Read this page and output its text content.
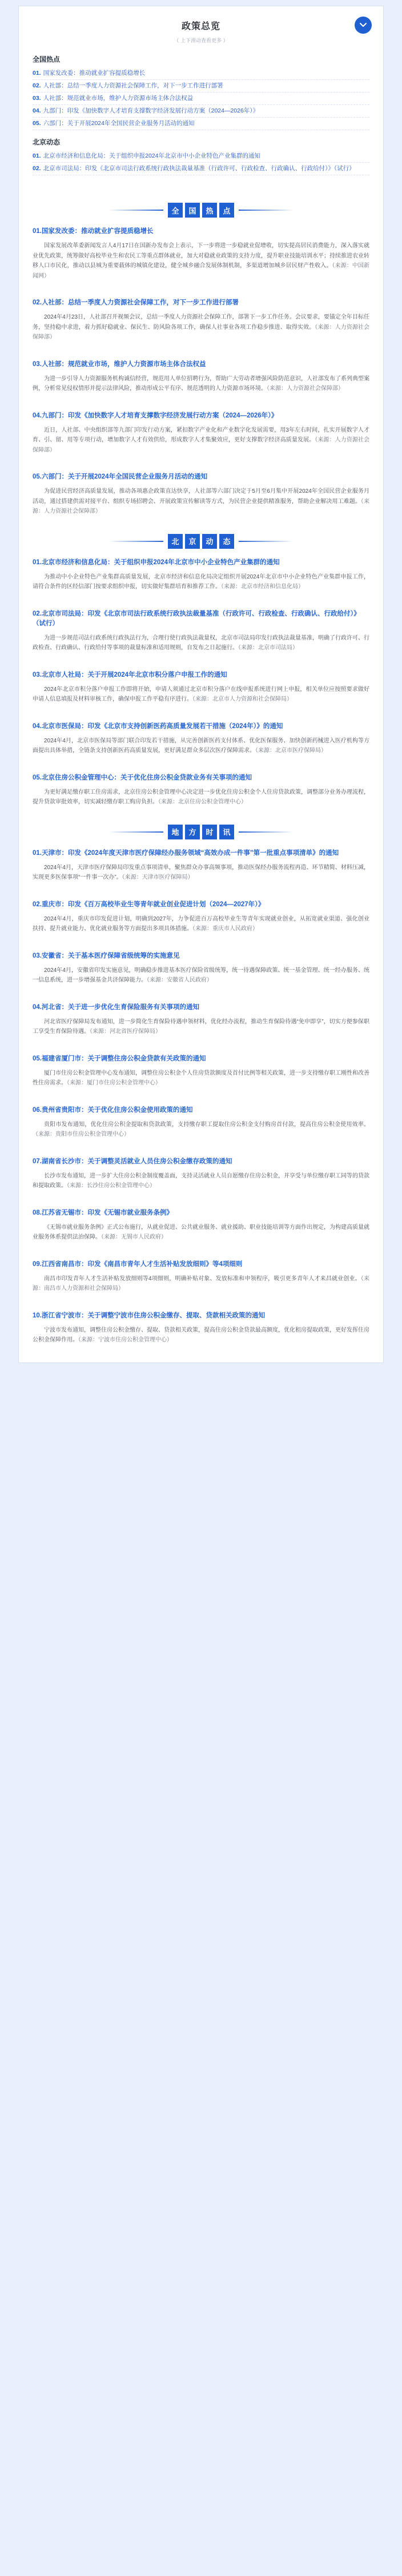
政策总览
（ 上下滑动查看更多 ）
全国热点
01. 国家发改委：推动就业扩容提质稳增长
02. 人社部：总结一季度人力资源社会保障工作，对下一步工作进行部署
03. 人社部：规范就业市场，维护人力资源市场主体合法权益
04. 九部门：印发《加快数字人才培育支撑数字经济发展行动方案（2024—2026年）》
05. 六部门：关于开展2024年全国民营企业服务月活动的通知
北京动态
01. 北京市经济和信息化局：关于组织申报2024年北京市中小企业特色产业集群的通知
02. 北京市司法局：印发《北京市司法行政系统行政执法裁量基准（行政许可、行政检查、行政确认、行政给付）》（试行）
全	国	热	点
01.国家发改委：推动就业扩容提质稳增长
国家发展改革委新闻发言人4月17日在国新办发布会上表示，下一步将进一步稳就业促增收，切实提高居民消费能力，深入落实就业优先政策，统筹做好高校毕业生和农民工等重点群体就业，加大对稳就业政策的支持力度，提升职业技能培训水平；持续推进农业转移人口市民化，推动以县城为重要载体的城镇化建设，健全城乡融合发展体制机制，多渠道增加城乡居民财产性收入。（来源：中国新闻网）
02.人社部：总结一季度人力资源社会保障工作，对下一步工作进行部署
2024年4月23日，人社部召开视频会议，总结一季度人力资源社会保障工作，部署下一步工作任务。会议要求，要锚定全年目标任务，坚持稳中求进，着力抓好稳就业、保民生、防风险各项工作，确保人社事业各项工作稳步推进、取得实效。（来源：人力资源社会保障部）
03.人社部：规范就业市场，维护人力资源市场主体合法权益
为进一步引导人力资源服务机构诚信经营，规范用人单位招聘行为，帮助广大劳动者增强风险防范意识，人社部发布了系列典型案例，分析常见侵权情形并提示法律风险，推动形成公平有序、规范透明的人力资源市场环境。（来源：人力资源社会保障部）
04.九部门：印发《加快数字人才培育支撑数字经济发展行动方案（2024—2026年）》
近日，人社部、中央组织部等九部门印发行动方案，紧扣数字产业化和产业数字化发展需要，用3年左右时间，扎实开展数字人才育、引、留、用等专项行动，增加数字人才有效供给，形成数字人才集聚效应，更好支撑数字经济高质量发展。（来源：人力资源社会保障部）
05.六部门：关于开展2024年全国民营企业服务月活动的通知
为促进民营经济高质量发展，推动各项惠企政策直达快享，人社部等六部门决定于5月至6月集中开展2024年全国民营企业服务月活动，通过搭建供需对接平台、组织专场招聘会、开展政策宣传解读等方式，为民营企业提供精准服务，帮助企业解决用工难题。（来源：人力资源社会保障部）
北	京	动	态
01.北京市经济和信息化局：关于组织申报2024年北京市中小企业特色产业集群的通知
为推动中小企业特色产业集群高质量发展，北京市经济和信息化局决定组织开展2024年北京市中小企业特色产业集群申报工作，请符合条件的区经信部门按要求组织申报，切实做好集群培育和推荐工作。（来源：北京市经济和信息化局）
02.北京市司法局：印发《北京市司法行政系统行政执法裁量基准（行政许可、行政检查、行政确认、行政给付）》（试行）
为进一步规范司法行政系统行政执法行为，合理行使行政执法裁量权，北京市司法局印发行政执法裁量基准，明确了行政许可、行政检查、行政确认、行政给付等事项的裁量标准和适用规则，自发布之日起施行。（来源：北京市司法局）
03.北京市人社局：关于开展2024年北京市积分落户申报工作的通知
2024年北京市积分落户申报工作即将开始，申请人须通过北京市积分落户在线申报系统进行网上申报，相关单位应按照要求做好申请人信息填报及材料审核工作，确保申报工作平稳有序进行。（来源：北京市人力资源和社会保障局）
04.北京市医保局：印发《北京市支持创新医药高质量发展若干措施（2024年）》的通知
2024年4月，北京市医保局等部门联合印发若干措施，从完善创新医药支付体系、优化医保服务、加快创新药械进入医疗机构等方面提出具体举措，全链条支持创新医药高质量发展，更好满足群众多层次医疗保障需求。（来源：北京市医疗保障局）
05.北京住房公积金管理中心：关于优化住房公积金贷款业务有关事项的通知
为更好满足缴存职工住房需求，北京住房公积金管理中心决定进一步优化住房公积金个人住房贷款政策，调整部分业务办理流程，提升贷款审批效率，切实减轻缴存职工购房负担。（来源：北京住房公积金管理中心）
地	方	时	讯
01.天津市：印发《2024年度天津市医疗保障经办服务领域“高效办成一件事”第一批重点事项清单》的通知
2024年4月，天津市医疗保障局印发重点事项清单，聚焦群众办事高频事项，推动医保经办服务流程再造、环节精简、材料压减，实现更多医保事项“一件事一次办”。（来源：天津市医疗保障局）
02.重庆市：印发《百万高校毕业生等青年就业创业促进计划（2024—2027年）》
2024年4月，重庆市印发促进计划，明确到2027年，力争促进百万高校毕业生等青年实现就业创业，从拓宽就业渠道、强化创业扶持、提升就业能力、优化就业服务等方面提出多项具体措施。（来源：重庆市人民政府）
03.安徽省：关于基本医疗保障省级统筹的实施意见
2024年4月，安徽省印发实施意见，明确稳步推进基本医疗保险省级统筹，统一待遇保障政策、统一基金管理、统一经办服务、统一信息系统，进一步增强基金共济保障能力。（来源：安徽省人民政府）
04.河北省：关于进一步优化生育保险服务有关事项的通知
河北省医疗保障局发布通知，进一步简化生育保险待遇申领材料，优化经办流程，推动生育保险待遇“免申即享”，切实方便参保职工享受生育保险待遇。（来源：河北省医疗保障局）
05.福建省厦门市：关于调整住房公积金贷款有关政策的通知
厦门市住房公积金管理中心发布通知，调整住房公积金个人住房贷款额度及首付比例等相关政策，进一步支持缴存职工刚性和改善性住房需求。（来源：厦门市住房公积金管理中心）
06.贵州省贵阳市：关于优化住房公积金使用政策的通知
贵阳市发布通知，优化住房公积金提取和贷款政策，支持缴存职工提取住房公积金支付购房首付款，提高住房公积金使用效率。（来源：贵阳市住房公积金管理中心）
07.湖南省长沙市：关于调整灵活就业人员住房公积金缴存政策的通知
长沙市发布通知，进一步扩大住房公积金制度覆盖面，支持灵活就业人员自愿缴存住房公积金，并享受与单位缴存职工同等的贷款和提取政策。（来源：长沙住房公积金管理中心）
08.江苏省无锡市：印发《无锡市就业服务条例》
《无锡市就业服务条例》正式公布施行，从就业促进、公共就业服务、就业援助、职业技能培训等方面作出规定，为构建高质量就业服务体系提供法治保障。（来源：无锡市人民政府）
09.江西省南昌市：印发《南昌市青年人才生活补贴发放细则》等4项细则
南昌市印发青年人才生活补贴发放细则等4项细则，明确补贴对象、发放标准和申领程序，吸引更多青年人才来昌就业创业。（来源：南昌市人力资源和社会保障局）
10.浙江省宁波市：关于调整宁波市住房公积金缴存、提取、贷款相关政策的通知
宁波市发布通知，调整住房公积金缴存、提取、贷款相关政策，提高住房公积金贷款最高额度，优化租房提取政策，更好发挥住房公积金保障作用。（来源：宁波市住房公积金管理中心）
